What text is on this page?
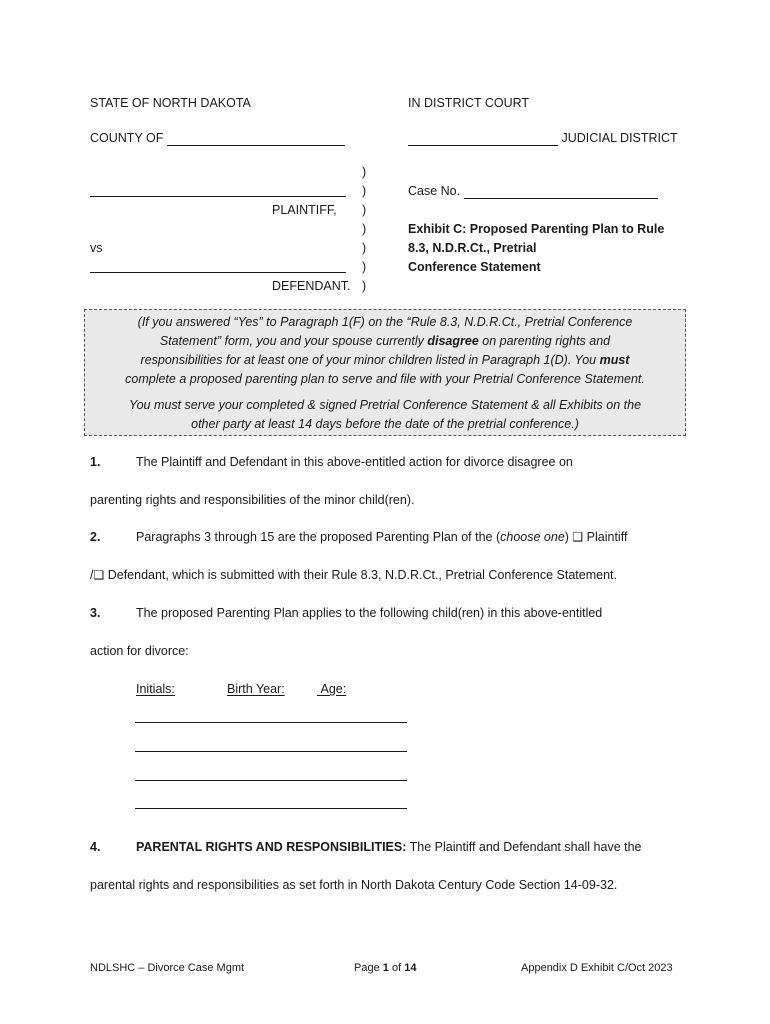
STATE OF NORTH DAKOTA	IN DISTRICT COURT
COUNTY OF	JUDICIAL DISTRICT
)
)
)
)
)
)
)
PLAINTIFF,
vs
DEFENDANT.
Case No.
Exhibit C: Proposed Parenting Plan to Rule
8.3, N.D.R.Ct., Pretrial
Conference Statement

(If you answered “Yes” to Paragraph 1(F) on the “Rule 8.3, N.D.R.Ct., Pretrial Conference

Statement” form, you and your spouse currently disagree on parenting rights and

responsibilities for at least one of your minor children listed in Paragraph 1(D). You must

complete a proposed parenting plan to serve and file with your Pretrial Conference Statement.

You must serve your completed & signed Pretrial Conference Statement & all Exhibits on the

other party at least 14 days before the date of the pretrial conference.)

1.	The Plaintiff and Defendant in this above-entitled action for divorce disagree on
parenting rights and responsibilities of the minor child(ren).
2.	Paragraphs 3 through 15 are the proposed Parenting Plan of the (choose one) ❑ Plaintiff
/❑ Defendant, which is submitted with their Rule 8.3, N.D.R.Ct., Pretrial Conference Statement.
3.	The proposed Parenting Plan applies to the following child(ren) in this above-entitled
action for divorce:
Initials:	Birth Year:	Age:
4.	PARENTAL RIGHTS AND RESPONSIBILITIES: The Plaintiff and Defendant shall have the
parental rights and responsibilities as set forth in North Dakota Century Code Section 14-09-32.
NDLSHC – Divorce Case Mgmt	Page 1 of 14	Appendix D Exhibit C/Oct 2023
